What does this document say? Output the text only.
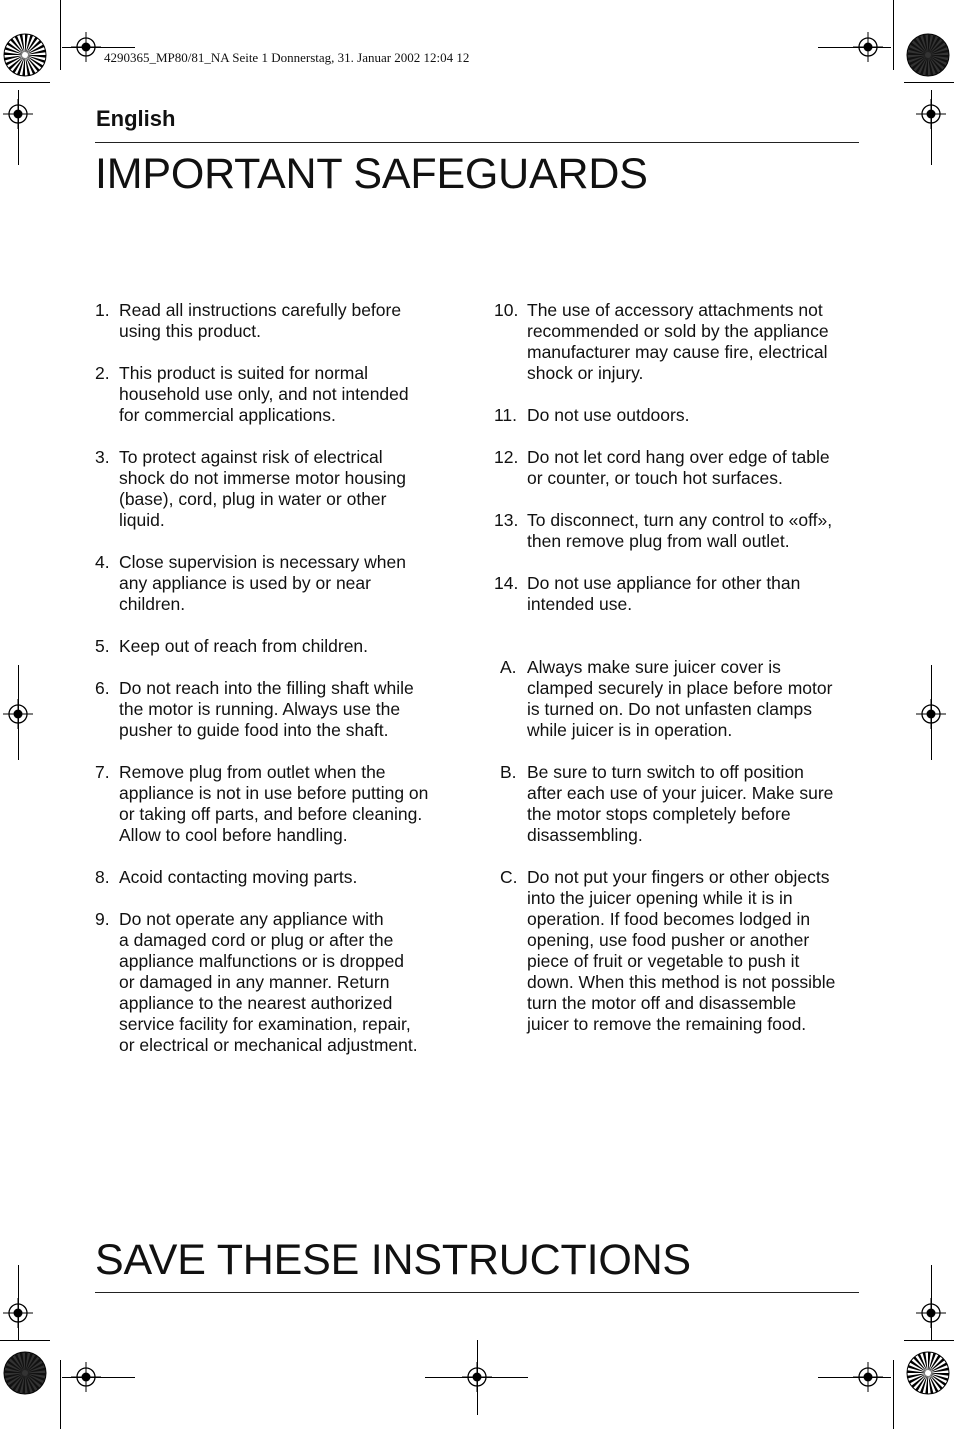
4290365_MP80/81_NA Seite 1 Donnerstag, 31. Januar 2002 12:04 12
English
IMPORTANT SAFEGUARDS
1. Read all instructions carefully before
using this product.
2. This product is suited for normal
household use only, and not intended
for commercial applications.
3. To protect against risk of electrical
shock do not immerse motor housing
(base), cord, plug in water or other
liquid.
4. Close supervision is necessary when
any appliance is used by or near
children.
5. Keep out of reach from children.
6. Do not reach into the filling shaft while
the motor is running. Always use the
pusher to guide food into the shaft.
7. Remove plug from outlet when the
appliance is not in use before putting on
or taking off parts, and before cleaning.
Allow to cool before handling.
8. Acoid contacting moving parts.
9. Do not operate any appliance with
a damaged cord or plug or after the
appliance malfunctions or is dropped
or damaged in any manner. Return
appliance to the nearest authorized
service facility for examination, repair,
or electrical or mechanical adjustment.
10. The use of accessory attachments not
recommended or sold by the appliance
manufacturer may cause fire, electrical
shock or injury.
11. Do not use outdoors.
12. Do not let cord hang over edge of table
or counter, or touch hot surfaces.
13. To disconnect, turn any control to «off»,
then remove plug from wall outlet.
14. Do not use appliance for other than
intended use.
A. Always make sure juicer cover is
clamped securely in place before motor
is turned on. Do not unfasten clamps
while juicer is in operation.
B. Be sure to turn switch to off position
after each use of your juicer. Make sure
the motor stops completely before
disassembling.
C. Do not put your fingers or other objects
into the juicer opening while it is in
operation. If food becomes lodged in
opening, use food pusher or another
piece of fruit or vegetable to push it
down. When this method is not possible
turn the motor off and disassemble
juicer to remove the remaining food.
SAVE THESE INSTRUCTIONS
